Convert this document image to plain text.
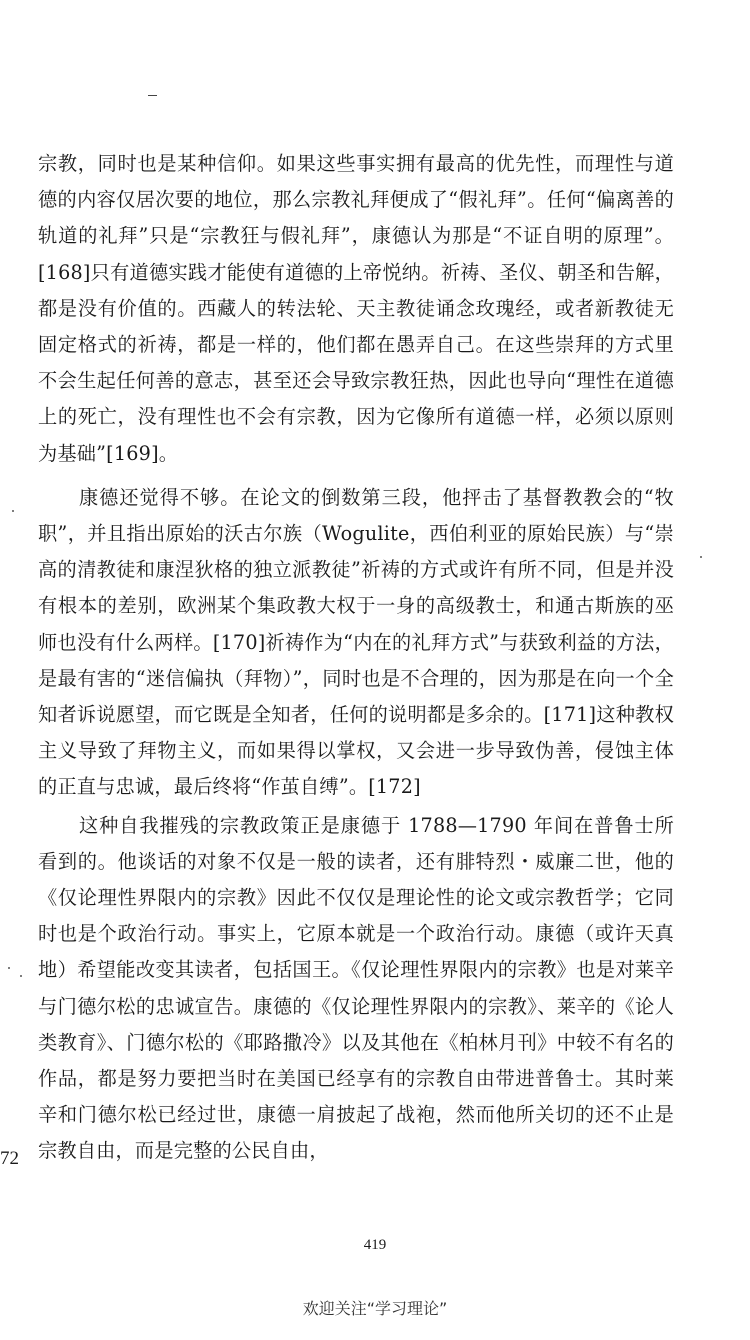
宗教，同时也是某种信仰。如果这些事实拥有最高的优先性，而理性与道德的内容仅居次要的地位，那么宗教礼拜便成了“假礼拜”。任何“偏离善的轨道的礼拜”只是“宗教狂与假礼拜”，康德认为那是“不证自明的原理”。[168]只有道德实践才能使有道德的上帝悦纳。祈祷、圣仪、朝圣和告解，都是没有价值的。西藏人的转法轮、天主教徒诵念玫瑰经，或者新教徒无固定格式的祈祷，都是一样的，他们都在愚弄自己。在这些崇拜的方式里不会生起任何善的意志，甚至还会导致宗教狂热，因此也导向“理性在道德上的死亡，没有理性也不会有宗教，因为它像所有道德一样，必须以原则为基础”[169]。

康德还觉得不够。在论文的倒数第三段，他抨击了基督教教会的“牧职”，并且指出原始的沃古尔族（Wogulite，西伯利亚的原始民族）与“崇高的清教徒和康涅狄格的独立派教徒”祈祷的方式或许有所不同，但是并没有根本的差别，欧洲某个集政教大权于一身的高级教士，和通古斯族的巫师也没有什么两样。[170]祈祷作为“内在的礼拜方式”与获致利益的方法，是最有害的“迷信偏执（拜物）”，同时也是不合理的，因为那是在向一个全知者诉说愿望，而它既是全知者，任何的说明都是多余的。[171]这种教权主义导致了拜物主义，而如果得以掌权，又会进一步导致伪善，侵蚀主体的正直与忠诚，最后终将“作茧自缚”。[172]

这种自我摧残的宗教政策正是康德于 1788—1790 年间在普鲁士所看到的。他谈话的对象不仅是一般的读者，还有腓特烈・威廉二世，他的《仅论理性界限内的宗教》因此不仅仅是理论性的论文或宗教哲学；它同时也是个政治行动。事实上，它原本就是一个政治行动。康德（或许天真地）希望能改变其读者，包括国王。《仅论理性界限内的宗教》也是对莱辛与门德尔松的忠诚宣告。康德的《仅论理性界限内的宗教》、莱辛的《论人类教育》、门德尔松的《耶路撒冷》以及其他在《柏林月刊》中较不有名的作品，都是努力要把当时在美国已经享有的宗教自由带进普鲁士。其时莱辛和门德尔松已经过世，康德一肩披起了战袍，然而他所关切的还不止是宗教自由，而是完整的公民自由，

72
419
欢迎关注“学习理论”
